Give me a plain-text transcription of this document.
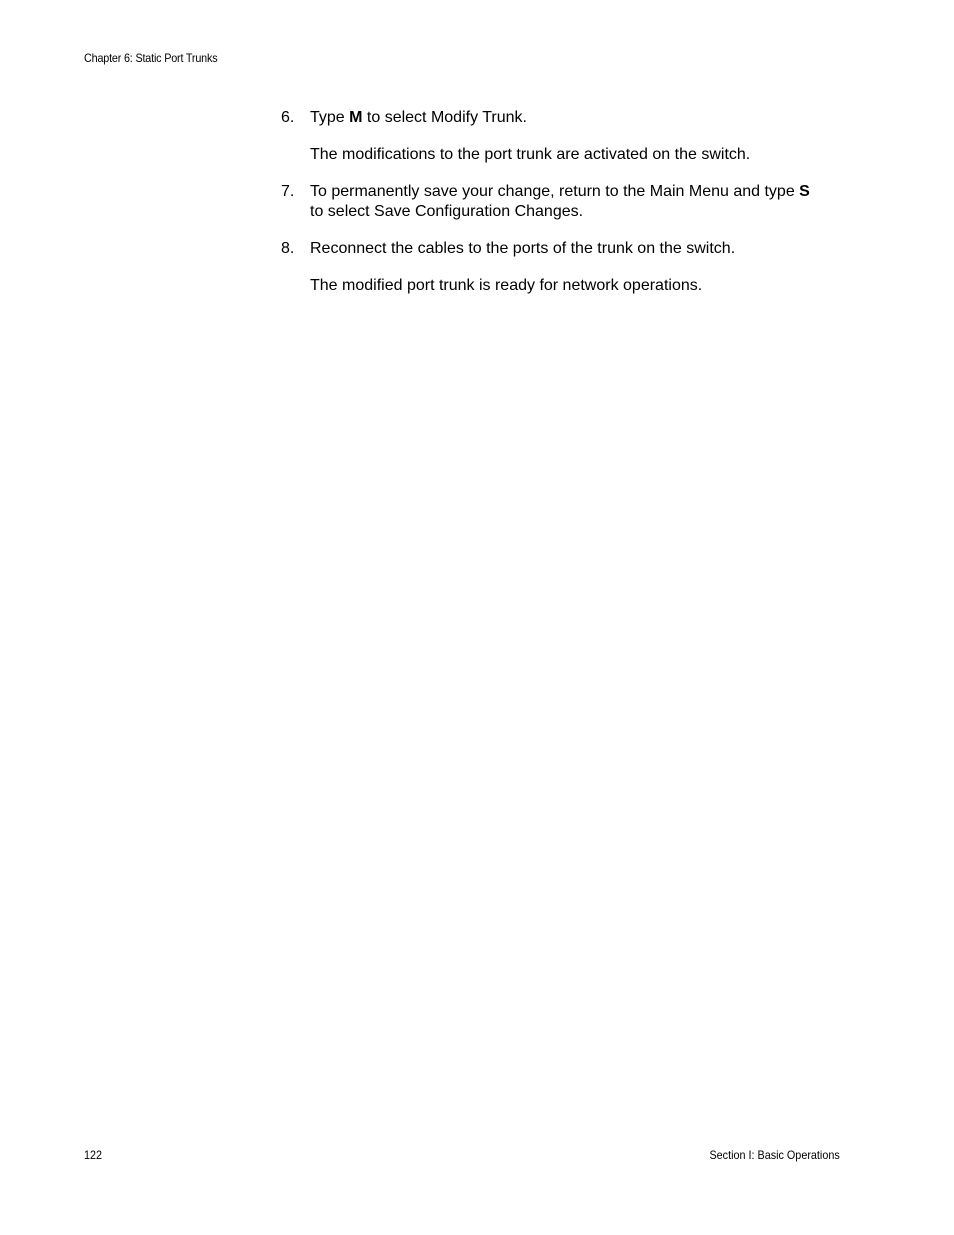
Chapter 6: Static Port Trunks
6. Type M to select Modify Trunk.
The modifications to the port trunk are activated on the switch.
7. To permanently save your change, return to the Main Menu and type S
to select Save Configuration Changes.
8. Reconnect the cables to the ports of the trunk on the switch.
The modified port trunk is ready for network operations.
122	Section I: Basic Operations
